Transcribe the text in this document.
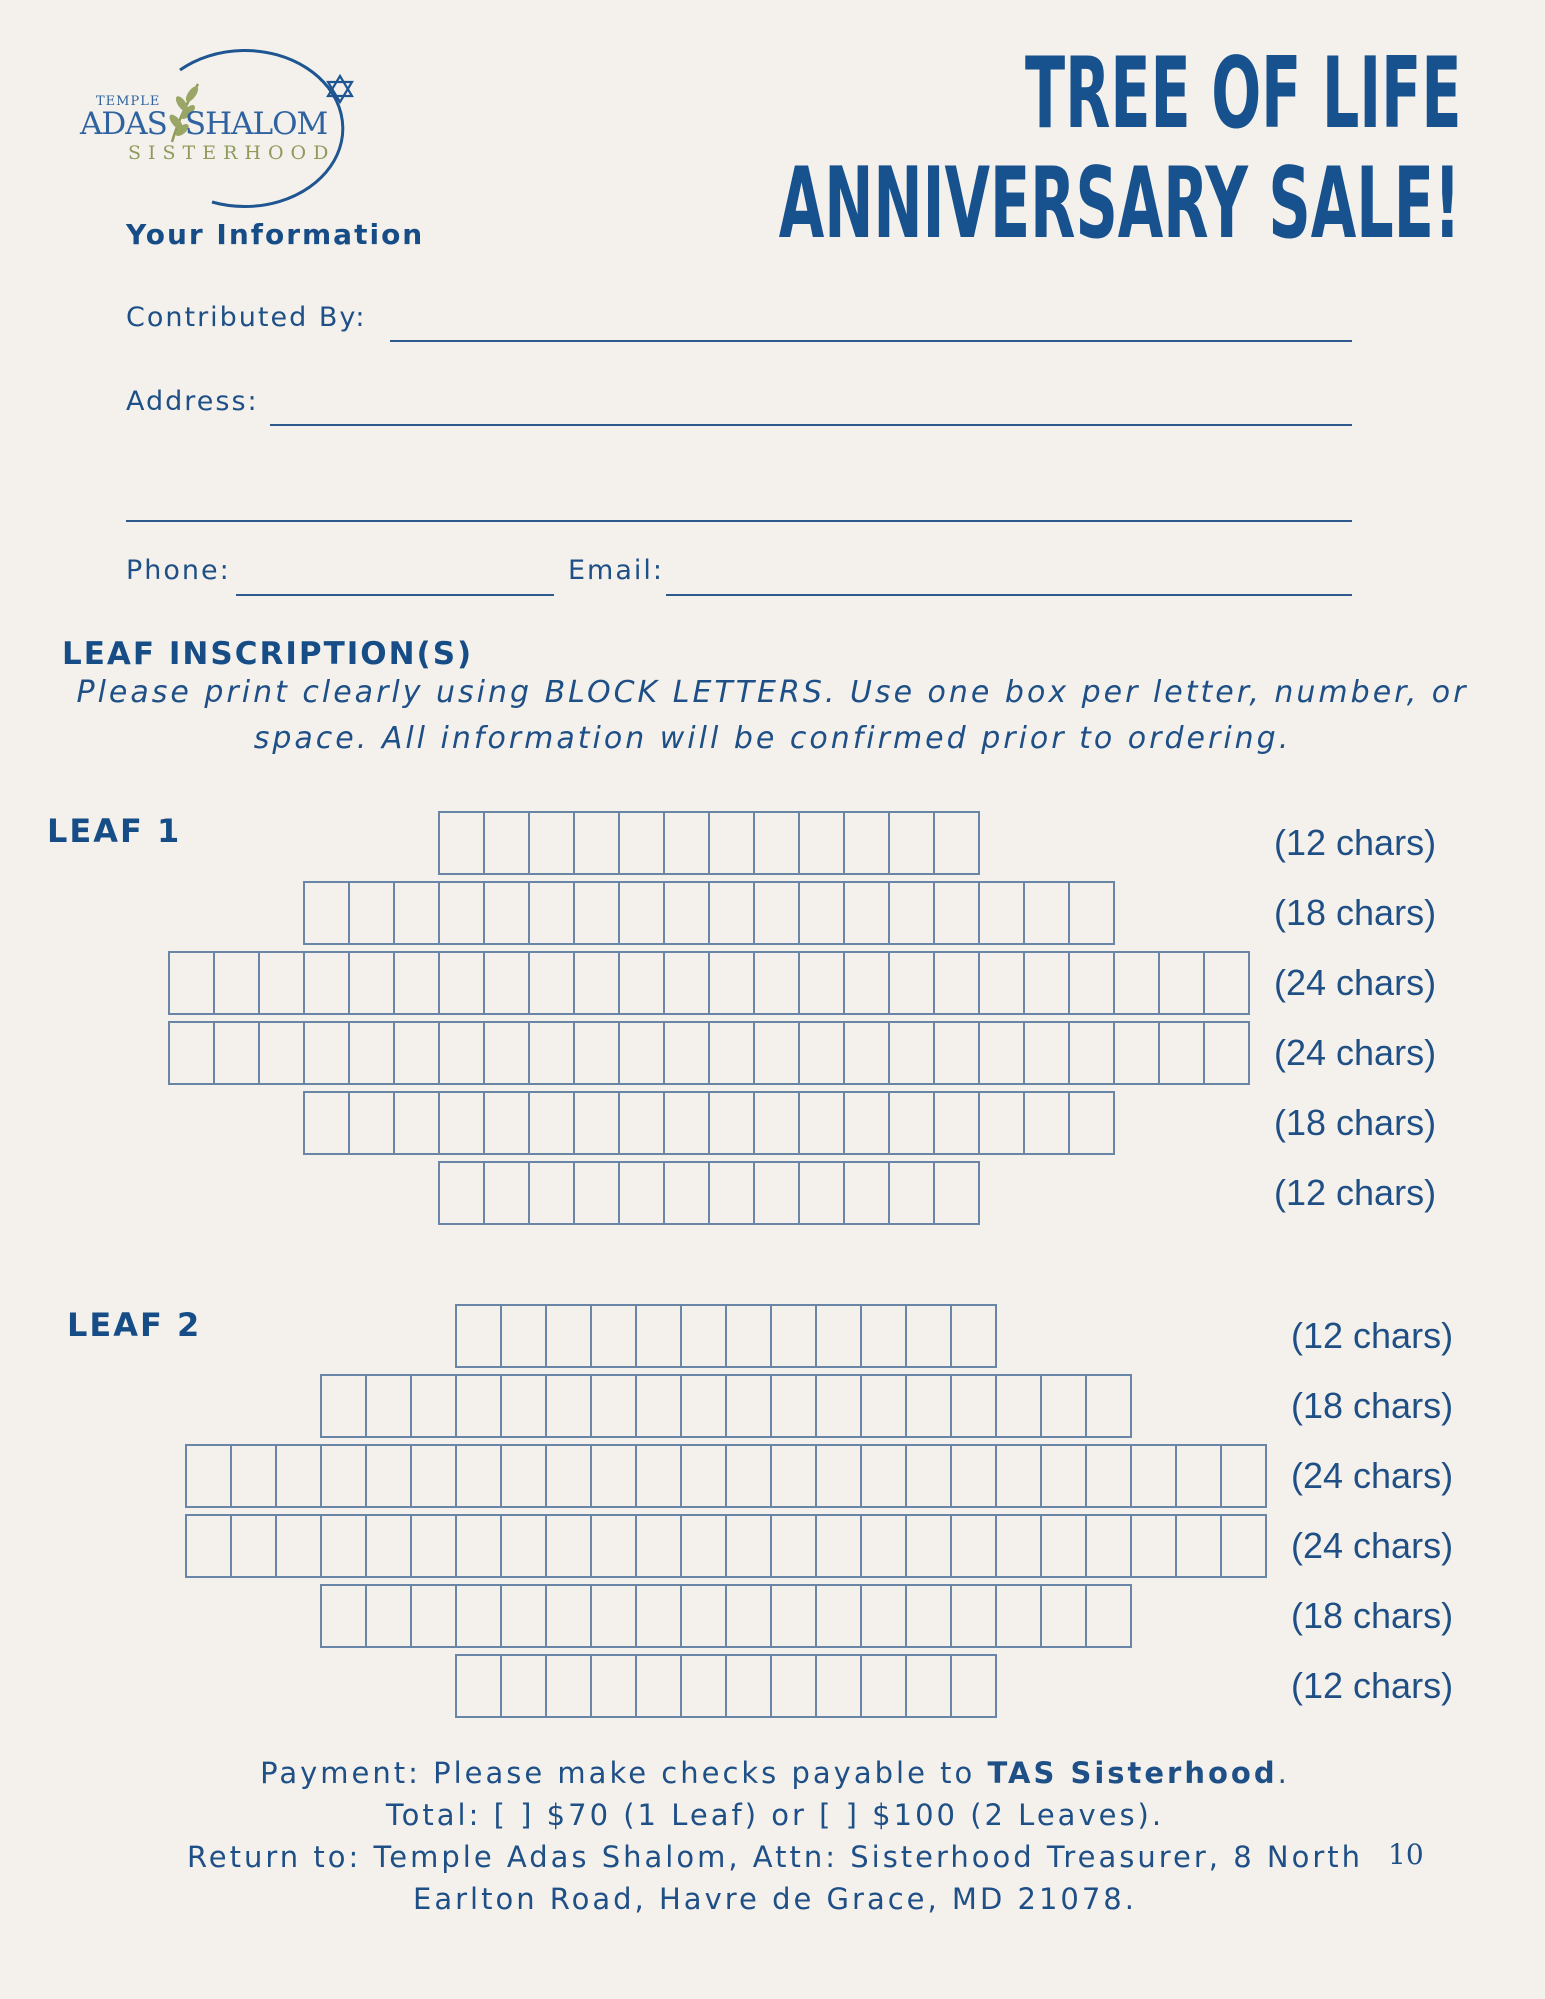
TEMPLE
ADAS SHALOM
SISTERHOOD
TREE OF LIFE
ANNIVERSARY SALE!
Your Information
Contributed By:
Address:
Phone:	Email:
LEAF INSCRIPTION(S)
Please print clearly using BLOCK LETTERS. Use one box per letter, number, or space. All information will be confirmed prior to ordering.
LEAF 1	(12 chars)
(18 chars)
(24 chars)
(24 chars)
(18 chars)
(12 chars)
LEAF 2	(12 chars)
(18 chars)
(24 chars)
(24 chars)
(18 chars)
(12 chars)
Payment: Please make checks payable to TAS Sisterhood.
Total: [ ] $70 (1 Leaf) or [ ] $100 (2 Leaves).
Return to: Temple Adas Shalom, Attn: Sisterhood Treasurer, 8 North
Earlton Road, Havre de Grace, MD 21078.
10
